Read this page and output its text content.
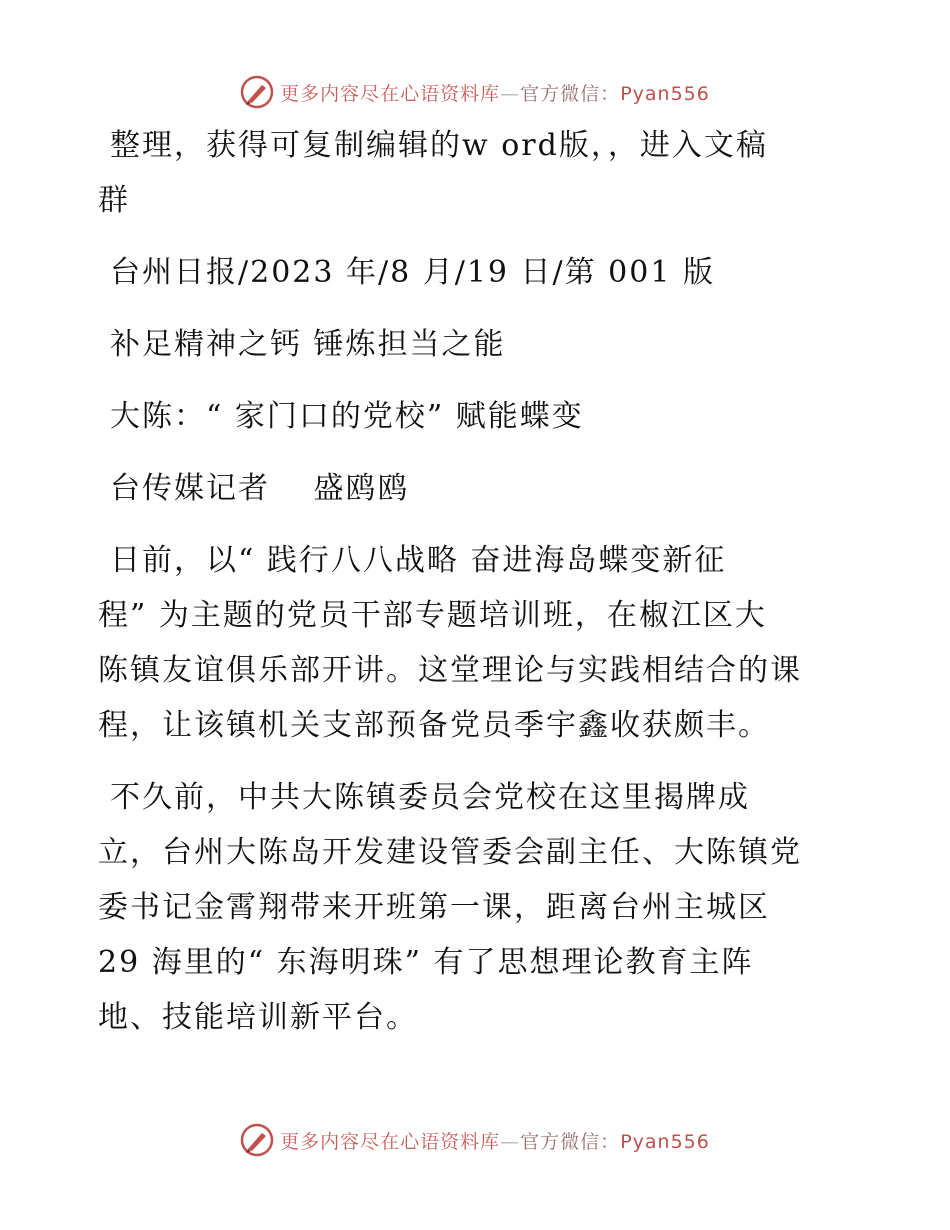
更多内容尽在心语资料库—官方微信：Pyan556
整理，获得可复制编辑的w ord版，，进入文稿
群
台州日报/2023 年/8 月/19 日/第 001 版
补足精神之钙 锤炼担当之能
大陈：“ 家门口的党校” 赋能蝶变
台传媒记者　 盛鸥鸥
日前，以“ 践行八八战略 奋进海岛蝶变新征
程” 为主题的党员干部专题培训班，在椒江区大
陈镇友谊俱乐部开讲。这堂理论与实践相结合的课
程，让该镇机关支部预备党员季宇鑫收获颇丰。
不久前，中共大陈镇委员会党校在这里揭牌成
立，台州大陈岛开发建设管委会副主任、大陈镇党
委书记金霄翔带来开班第一课，距离台州主城区
29 海里的“ 东海明珠” 有了思想理论教育主阵
地、技能培训新平台。
更多内容尽在心语资料库—官方微信：Pyan556
